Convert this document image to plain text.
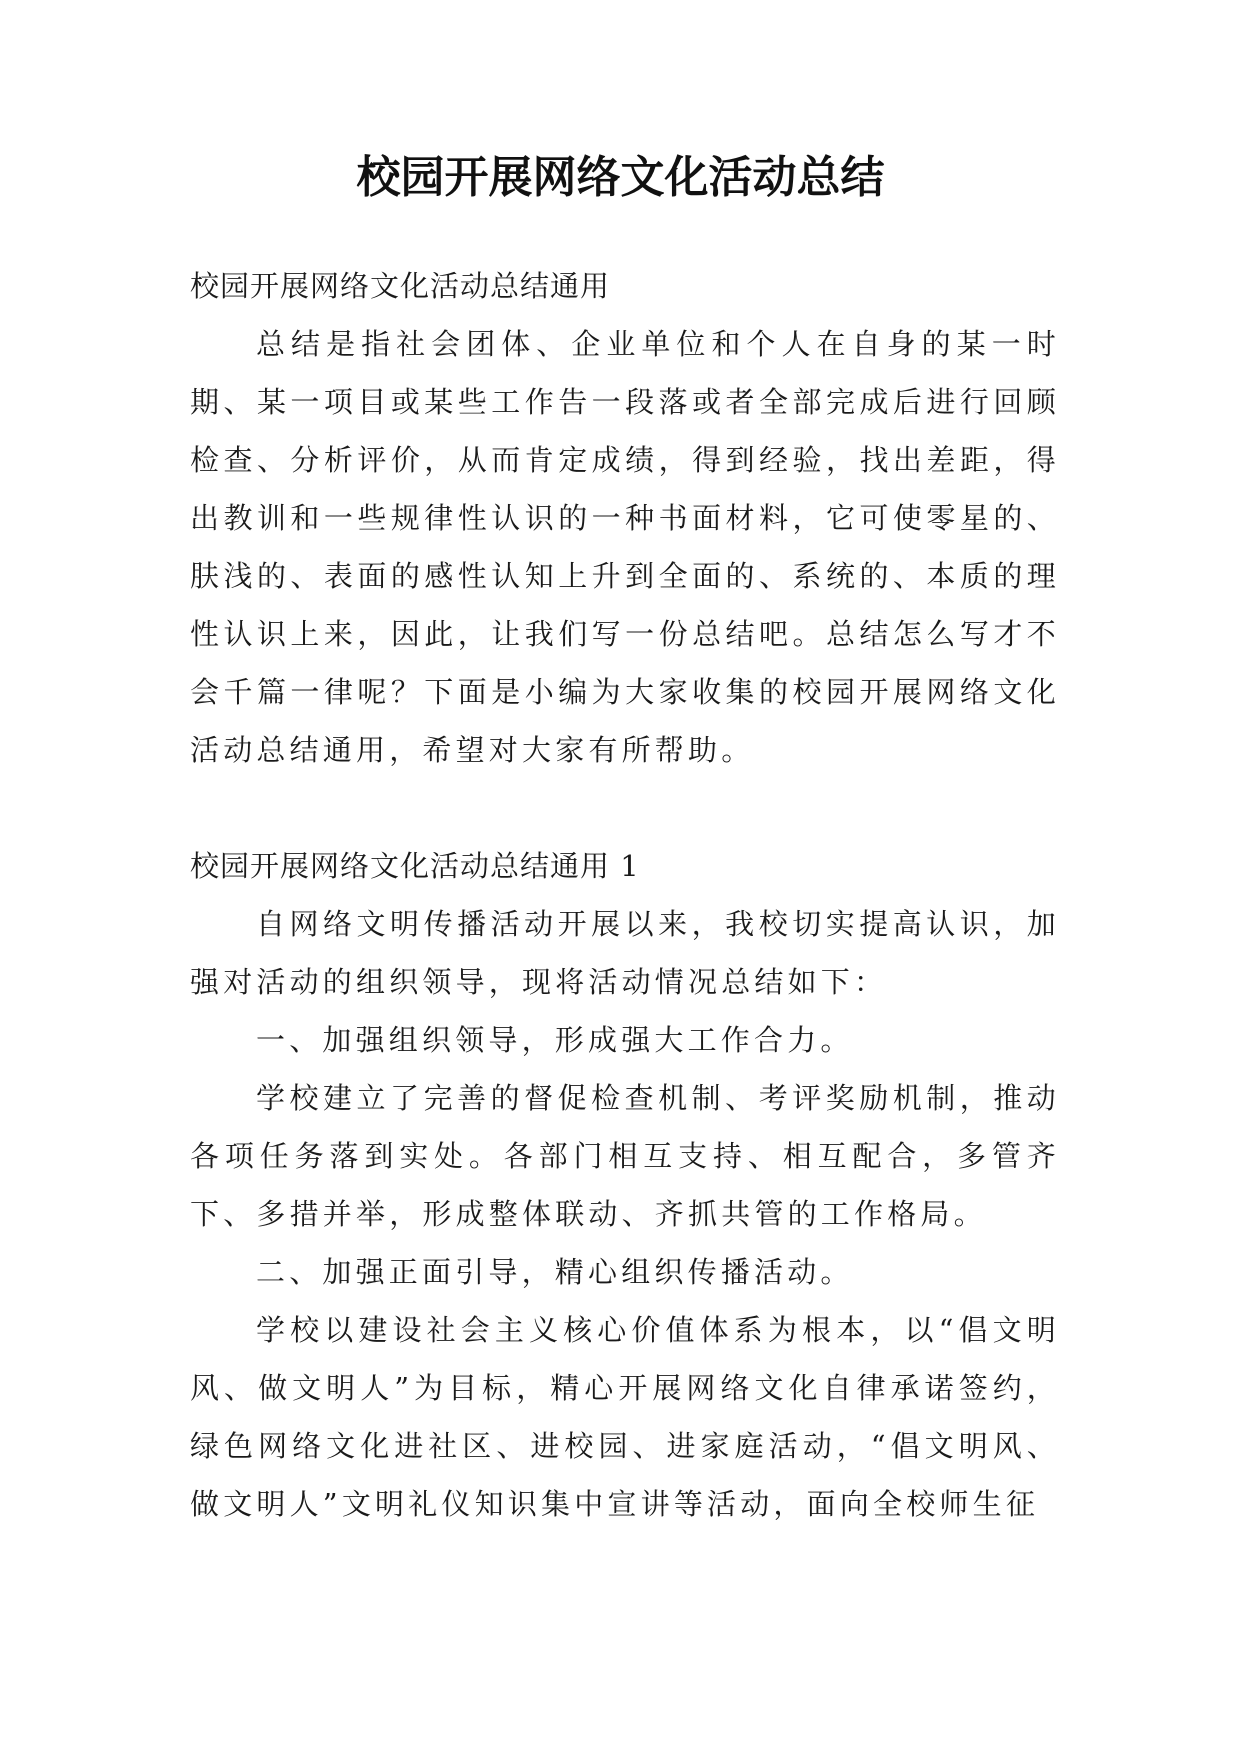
校园开展网络文化活动总结

校园开展网络文化活动总结通用

总结是指社会团体、企业单位和个人在自身的某一时期、某一项目或某些工作告一段落或者全部完成后进行回顾检查、分析评价，从而肯定成绩，得到经验，找出差距，得出教训和一些规律性认识的一种书面材料，它可使零星的、肤浅的、表面的感性认知上升到全面的、系统的、本质的理性认识上来，因此，让我们写一份总结吧。总结怎么写才不会千篇一律呢？下面是小编为大家收集的校园开展网络文化活动总结通用，希望对大家有所帮助。

校园开展网络文化活动总结通用 1

自网络文明传播活动开展以来，我校切实提高认识，加强对活动的组织领导，现将活动情况总结如下：

一、加强组织领导，形成强大工作合力。

学校建立了完善的督促检查机制、考评奖励机制，推动各项任务落到实处。各部门相互支持、相互配合，多管齐下、多措并举，形成整体联动、齐抓共管的工作格局。

二、加强正面引导，精心组织传播活动。

学校以建设社会主义核心价值体系为根本，以“倡文明风、做文明人”为目标，精心开展网络文化自律承诺签约，绿色网络文化进社区、进校园、进家庭活动，“倡文明风、做文明人”文明礼仪知识集中宣讲等活动，面向全校师生征
